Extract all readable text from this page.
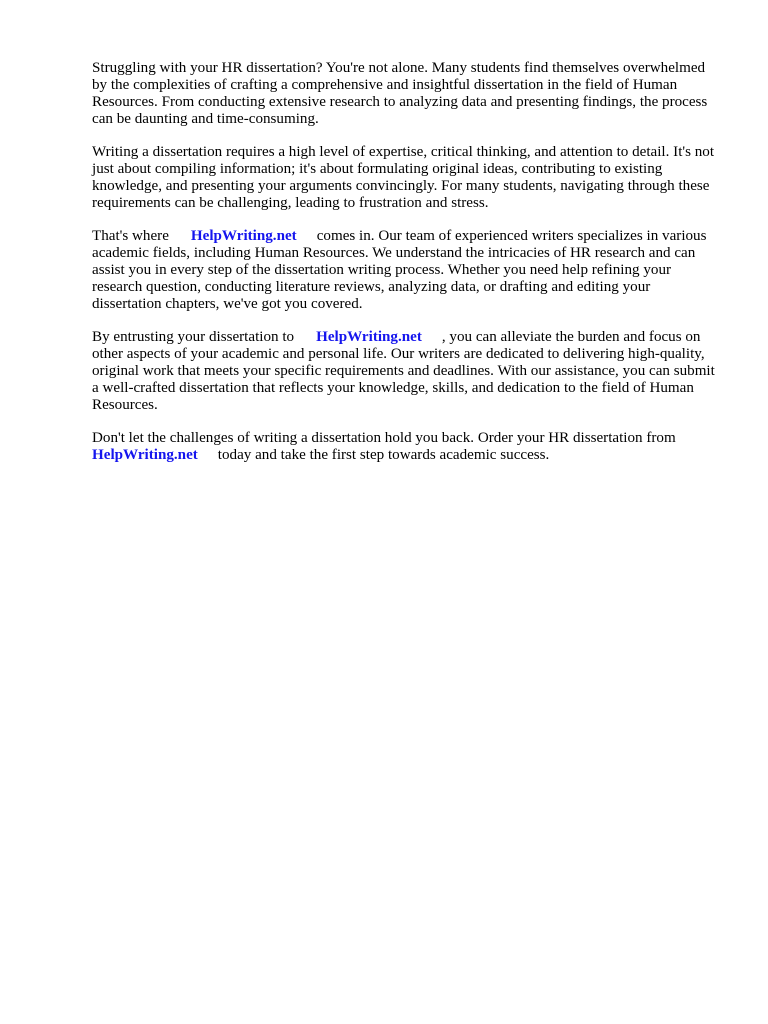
Struggling with your HR dissertation? You're not alone. Many students find themselves overwhelmed by the complexities of crafting a comprehensive and insightful dissertation in the field of Human Resources. From conducting extensive research to analyzing data and presenting findings, the process can be daunting and time-consuming.

Writing a dissertation requires a high level of expertise, critical thinking, and attention to detail. It's not just about compiling information; it's about formulating original ideas, contributing to existing knowledge, and presenting your arguments convincingly. For many students, navigating through these requirements can be challenging, leading to frustration and stress.

That's where HelpWriting.net comes in. Our team of experienced writers specializes in various academic fields, including Human Resources. We understand the intricacies of HR research and can assist you in every step of the dissertation writing process. Whether you need help refining your research question, conducting literature reviews, analyzing data, or drafting and editing your dissertation chapters, we've got you covered.

By entrusting your dissertation to HelpWriting.net , you can alleviate the burden and focus on other aspects of your academic and personal life. Our writers are dedicated to delivering high-quality, original work that meets your specific requirements and deadlines. With our assistance, you can submit a well-crafted dissertation that reflects your knowledge, skills, and dedication to the field of Human Resources.

Don't let the challenges of writing a dissertation hold you back. Order your HR dissertation from
HelpWriting.net today and take the first step towards academic success.
